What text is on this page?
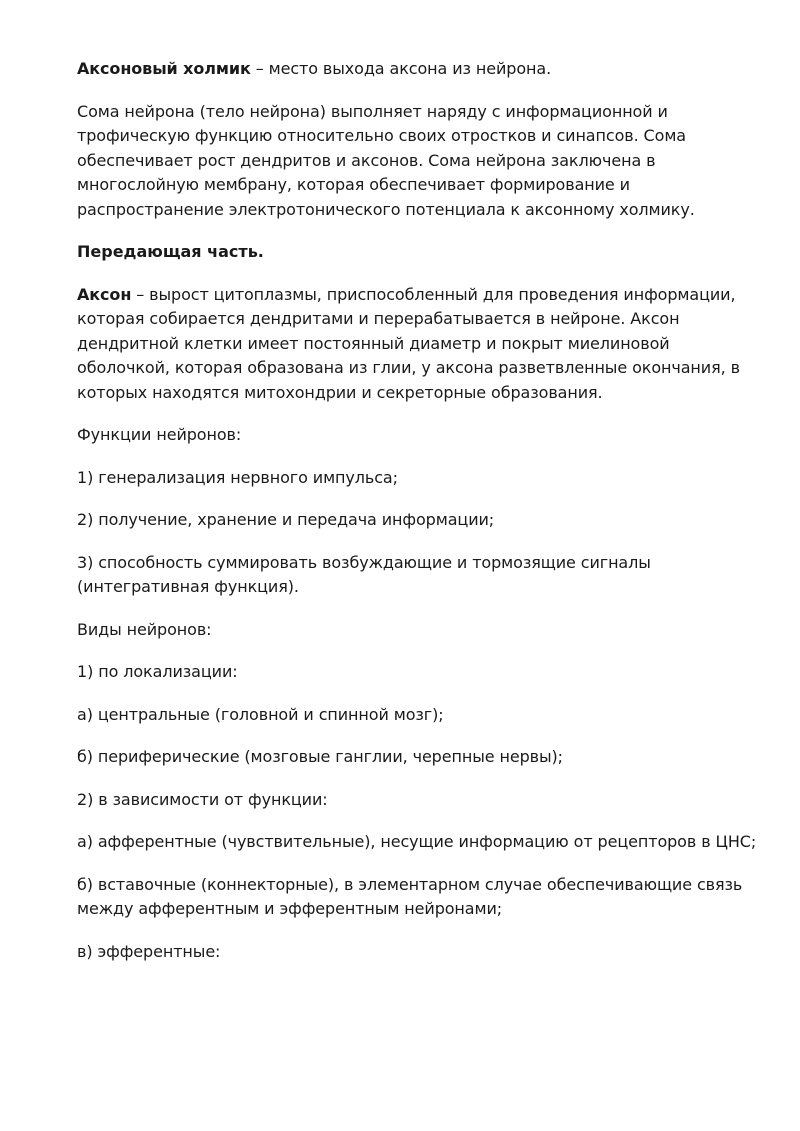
Аксоновый холмик – место выхода аксона из нейрона.

Сома нейрона (тело нейрона) выполняет наряду с информационной и трофическую функцию относительно своих отростков и синапсов. Сома обеспечивает рост дендритов и аксонов. Сома нейрона заключена в многослойную мембрану, которая обеспечивает формирование и распространение электротонического потенциала к аксонному холмику.

Передающая часть.

Аксон – вырост цитоплазмы, приспособленный для проведения информации, которая собирается дендритами и перерабатывается в нейроне. Аксон дендритной клетки имеет постоянный диаметр и покрыт миелиновой оболочкой, которая образована из глии, у аксона разветвленные окончания, в которых находятся митохондрии и секреторные образования.

Функции нейронов:

1) генерализация нервного импульса;

2) получение, хранение и передача информации;

3) способность суммировать возбуждающие и тормозящие сигналы (интегративная функция).

Виды нейронов:

1) по локализации:

а) центральные (головной и спинной мозг);

б) периферические (мозговые ганглии, черепные нервы);

2) в зависимости от функции:

а) афферентные (чувствительные), несущие информацию от рецепторов в ЦНС;

б) вставочные (коннекторные), в элементарном случае обеспечивающие связь между афферентным и эфферентным нейронами;

в) эфферентные:
